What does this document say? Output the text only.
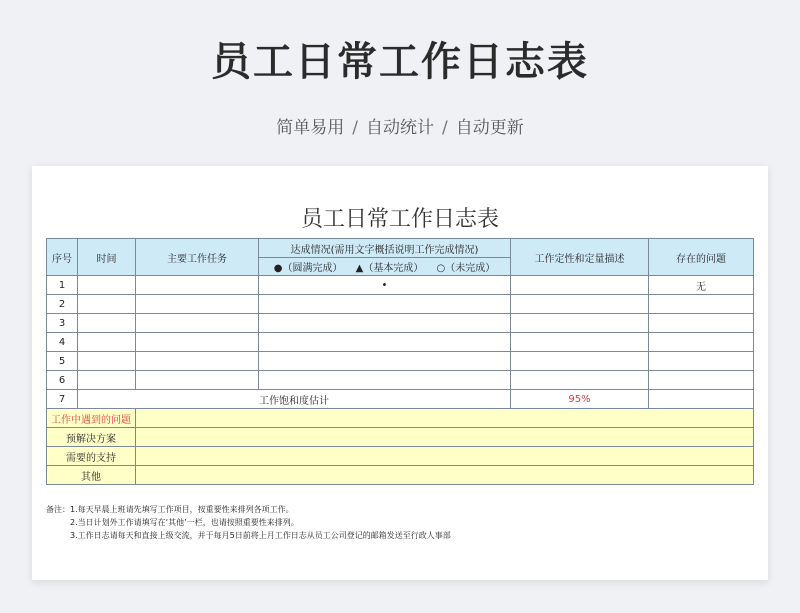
员工日常工作日志表
简单易用 / 自动统计 / 自动更新
员工日常工作日志表
序号	时间	主要工作任务	达成情况(需用文字概括说明工作完成情况)	工作定性和定量描述	存在的问题
			●（圆满完成） ▲（基本完成） ○（未完成）		
1			•		无
2					
3					
4					
5					
6					
7	工作饱和度估计			95%	
工作中遇到的问题					
预解决方案					
需要的支持					
其他					
备注：1.每天早晨上班请先填写工作项目，按重要性来排列各项工作。
2.当日计划外工作请填写在‘其他’一栏，也请按照重要性来排列。
3.工作日志请每天和直接上级交流，并于每月5日前将上月工作日志从员工公司登记的邮箱发送至行政人事部
